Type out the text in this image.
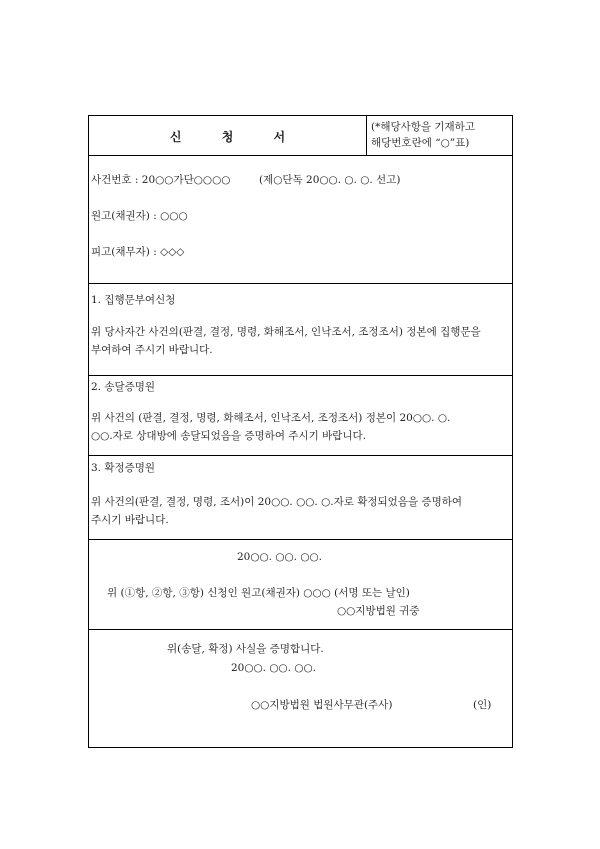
신 청 서
(*해당사항을 기재하고
해당번호란에 “○”표)
사건번호 : 20○○가단○○○○	(제○단독 20○○. ○. ○. 선고)
원고(채권자) : ○○○
피고(채무자) : ◇◇◇
1. 집행문부여신청
위 당사자간 사건의(판결, 결정, 명령, 화해조서, 인낙조서, 조정조서) 정본에 집행문을
부여하여 주시기 바랍니다.
2. 송달증명원
위 사건의 (판결, 결정, 명령, 화해조서, 인낙조서, 조정조서) 정본이 20○○. ○.
○○.자로 상대방에 송달되었음을 증명하여 주시기 바랍니다.
3. 확정증명원
위 사건의(판결, 결정, 명령, 조서)이 20○○. ○○. ○.자로 확정되었음을 증명하여
주시기 바랍니다.
20○○. ○○. ○○.
위 (①항, ②항, ③항) 신청인 원고(채권자) ○○○ (서명 또는 날인)
○○지방법원 귀중
위(송달, 확정) 사실을 증명합니다.
20○○. ○○. ○○.
○○지방법원 법원사무관(주사)	(인)
